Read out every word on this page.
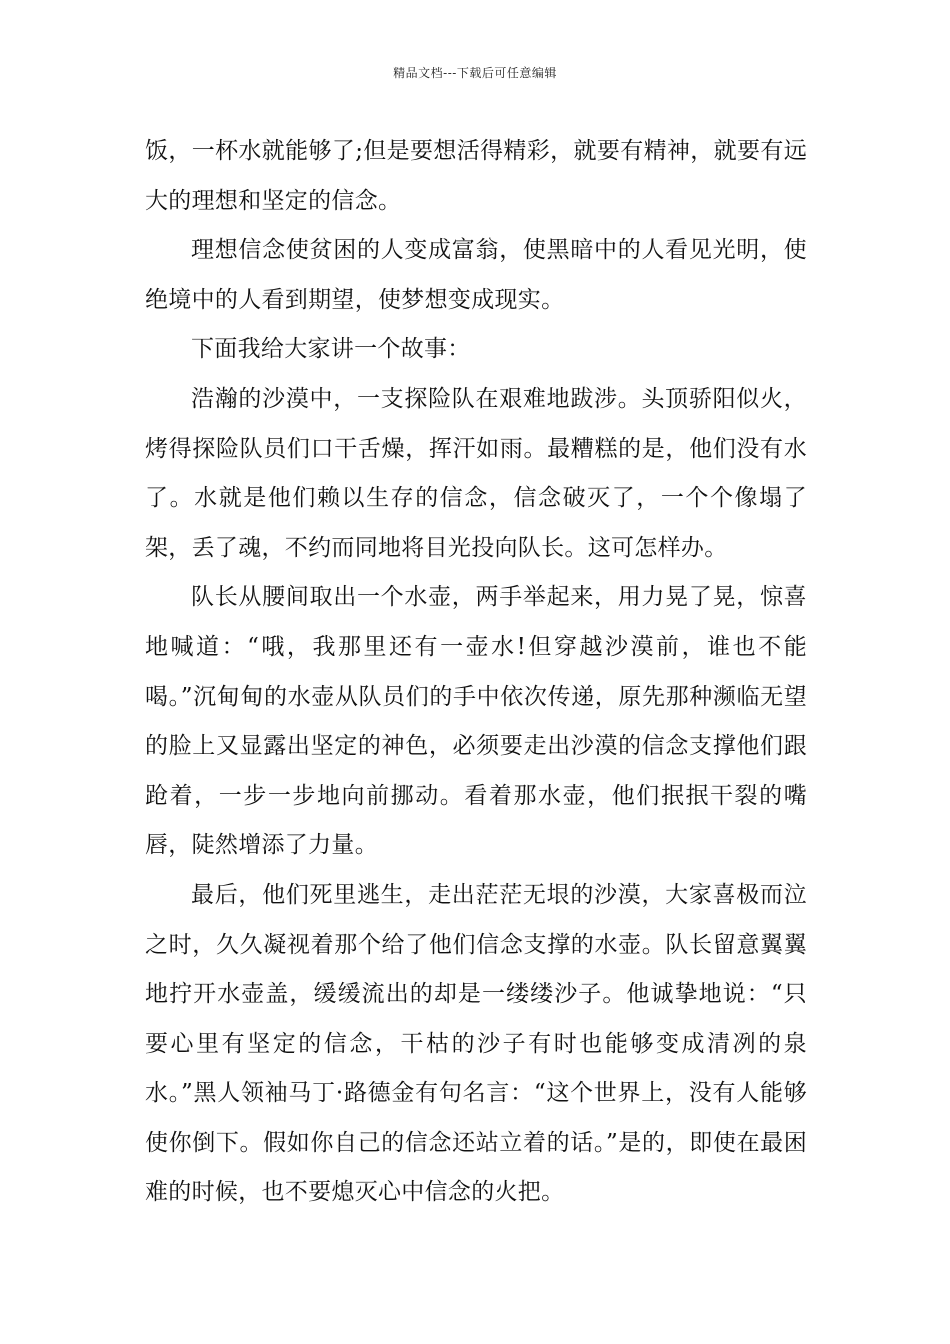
精品文档---下载后可任意编辑

饭，一杯水就能够了;但是要想活得精彩，就要有精神，就要有远大的理想和坚定的信念。

理想信念使贫困的人变成富翁，使黑暗中的人看见光明，使绝境中的人看到期望，使梦想变成现实。

下面我给大家讲一个故事：

浩瀚的沙漠中，一支探险队在艰难地跋涉。头顶骄阳似火，烤得探险队员们口干舌燥，挥汗如雨。最糟糕的是，他们没有水了。水就是他们赖以生存的信念，信念破灭了，一个个像塌了架，丢了魂，不约而同地将目光投向队长。这可怎样办。

队长从腰间取出一个水壶，两手举起来，用力晃了晃，惊喜地喊道：“哦，我那里还有一壶水!但穿越沙漠前，谁也不能喝。”沉甸甸的水壶从队员们的手中依次传递，原先那种濒临无望的脸上又显露出坚定的神色，必须要走出沙漠的信念支撑他们跟跄着，一步一步地向前挪动。看着那水壶，他们抿抿干裂的嘴唇，陡然增添了力量。

最后，他们死里逃生，走出茫茫无垠的沙漠，大家喜极而泣之时，久久凝视着那个给了他们信念支撑的水壶。队长留意翼翼地拧开水壶盖，缓缓流出的却是一缕缕沙子。他诚挚地说：“只要心里有坚定的信念，干枯的沙子有时也能够变成清冽的泉水。”黑人领袖马丁·路德金有句名言：“这个世界上，没有人能够使你倒下。假如你自己的信念还站立着的话。”是的，即使在最困难的时候，也不要熄灭心中信念的火把。
